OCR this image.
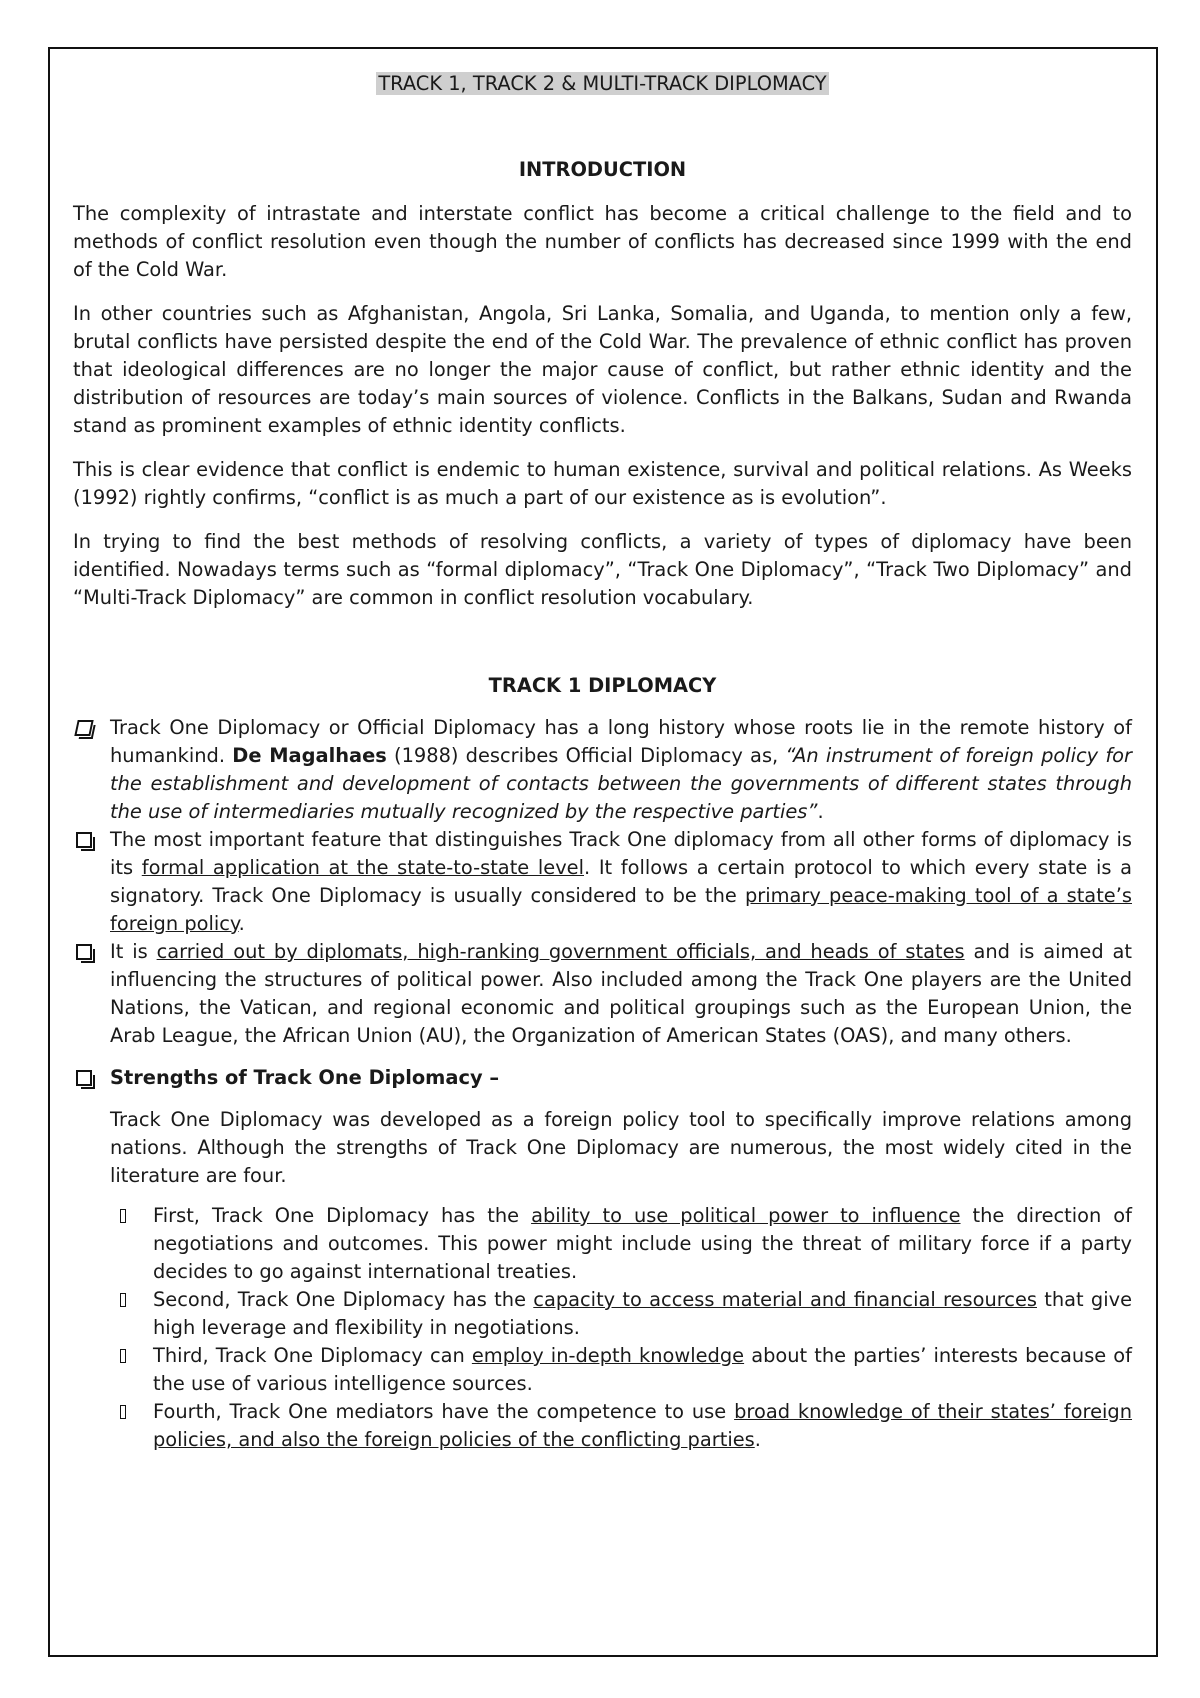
TRACK 1, TRACK 2 & MULTI-TRACK DIPLOMACY
INTRODUCTION

The complexity of intrastate and interstate conflict has become a critical challenge to the field and to methods of conflict resolution even though the number of conflicts has decreased since 1999 with the end of the Cold War.

In other countries such as Afghanistan, Angola, Sri Lanka, Somalia, and Uganda, to mention only a few, brutal conflicts have persisted despite the end of the Cold War. The prevalence of ethnic conflict has proven that ideological differences are no longer the major cause of conflict, but rather ethnic identity and the distribution of resources are today’s main sources of violence. Conflicts in the Balkans, Sudan and Rwanda stand as prominent examples of ethnic identity conflicts.

This is clear evidence that conflict is endemic to human existence, survival and political relations. As Weeks (1992) rightly confirms, “conflict is as much a part of our existence as is evolution”.

In trying to find the best methods of resolving conflicts, a variety of types of diplomacy have been identified. Nowadays terms such as “formal diplomacy”, “Track One Diplomacy”, “Track Two Diplomacy” and “Multi-Track Diplomacy” are common in conflict resolution vocabulary.

TRACK 1 DIPLOMACY
Track One Diplomacy or Official Diplomacy has a long history whose roots lie in the remote history of humankind. De Magalhaes (1988) describes Official Diplomacy as, “An instrument of foreign policy for the establishment and development of contacts between the governments of different states through the use of intermediaries mutually recognized by the respective parties”.
The most important feature that distinguishes Track One diplomacy from all other forms of diplomacy is its formal application at the state-to-state level. It follows a certain protocol to which every state is a signatory. Track One Diplomacy is usually considered to be the primary peace-making tool of a state’s foreign policy.
It is carried out by diplomats, high-ranking government officials, and heads of states and is aimed at influencing the structures of political power. Also included among the Track One players are the United Nations, the Vatican, and regional economic and political groupings such as the European Union, the Arab League, the African Union (AU), the Organization of American States (OAS), and many others.
Strengths of Track One Diplomacy –

Track One Diplomacy was developed as a foreign policy tool to specifically improve relations among nations. Although the strengths of Track One Diplomacy are numerous, the most widely cited in the literature are four.

First, Track One Diplomacy has the ability to use political power to influence the direction of negotiations and outcomes. This power might include using the threat of military force if a party decides to go against international treaties.
Second, Track One Diplomacy has the capacity to access material and financial resources that give high leverage and flexibility in negotiations.
Third, Track One Diplomacy can employ in-depth knowledge about the parties’ interests because of the use of various intelligence sources.
Fourth, Track One mediators have the competence to use broad knowledge of their states’ foreign policies, and also the foreign policies of the conflicting parties.
